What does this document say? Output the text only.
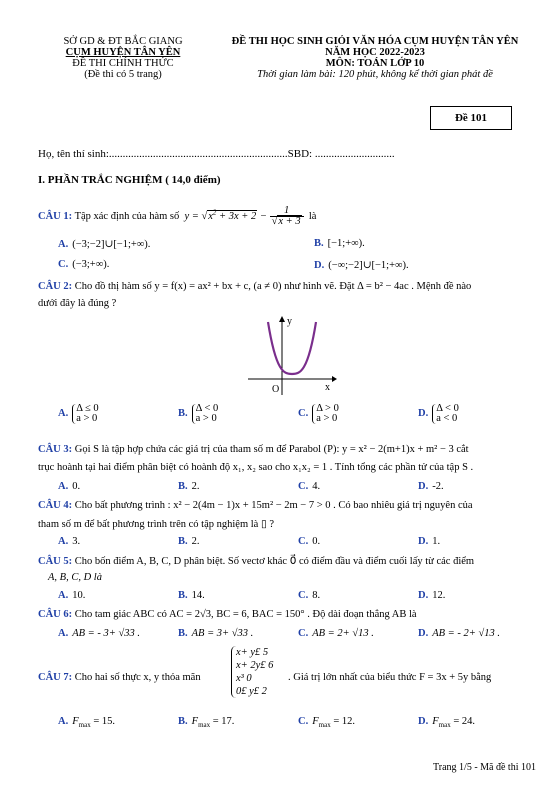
SỞ GD & ĐT BẮC GIANG
CỤM HUYỆN TÂN YÊN
ĐỀ THI CHÍNH THỨC
(Đề thi có 5 trang)
ĐỀ THI HỌC SINH GIỎI VĂN HÓA CỤM HUYỆN TÂN YÊN
NĂM HỌC 2022-2023
MÔN: TOÁN LỚP 10
Thời gian làm bài: 120 phút, không kể thời gian phát đề
Đề 101
Họ, tên thí sinh:.................................................................SBD: .............................
I. PHẦN TRẮC NGHIỆM ( 14,0 điểm)
CÂU 1: Tập xác định của hàm số  $y = √x^2 + 3x + 2 - \frac{1}{√x + 3}$ là
A. (−3;−2]∪[−1;+∞).	B. [−1;+∞).
C. (−3;+∞).	D. (−∞;−2]∪[−1;+∞).
CÂU 2: Cho đồ thị hàm số y = f(x) = ax² + bx + c, (a ≠ 0) như hình vẽ. Đặt Δ = b² − 4ac . Mệnh đề nào
dưới đây là đúng ?
y
x
O
A. Δ ≤ 0
a > 0	B. Δ < 0
a > 0	C. Δ > 0
a > 0	D. Δ < 0
a < 0
CÂU 3: Gọi S là tập hợp chứa các giá trị của tham số m để Parabol (P): y = x² − 2(m+1)x + m² − 3 cắt
trục hoành tại hai điểm phân biệt có hoành độ x₁, x₂ sao cho x₁x₂ = 1 . Tính tổng các phần tử của tập S .
A. 0.	B. 2.	C. 4.	D. -2.
CÂU 4: Cho bất phương trình : x² − 2(4m − 1)x + 15m² − 2m − 7 > 0 . Có bao nhiêu giá trị nguyên của
tham số m để bất phương trình trên có tập nghiệm là ▯ ?
A. 3.	B. 2.	C. 0.	D. 1.
CÂU 5: Cho bốn điểm A, B, C, D phân biệt. Số vectơ khác 0⃗ có điểm đầu và điểm cuối lấy từ các điểm
A, B, C, D là
A. 10.	B. 14.	C. 8.	D. 12.
CÂU 6: Cho tam giác ABC có AC = 2√3, BC = 6, BAC = 150° . Độ dài đoạn thẳng AB là
A. AB = - 3+ √33 .	B. AB = 3+ √33 .	C. AB = 2+ √13 .	D. AB = - 2+ √13 .
CÂU 7: Cho hai số thực x, y thỏa mãn
x+ y£ 5
x+ 2y£ 6
x³ 0
0£ y£ 2
. Giá trị lớn nhất của biểu thức F = 3x + 5y bằng
A. $F_{max} = 15$.	B. $F_{max} = 17$.	C. $F_{max} = 12$.	D. $F_{max} = 24$.
Trang 1/5 - Mã đề thi 101
